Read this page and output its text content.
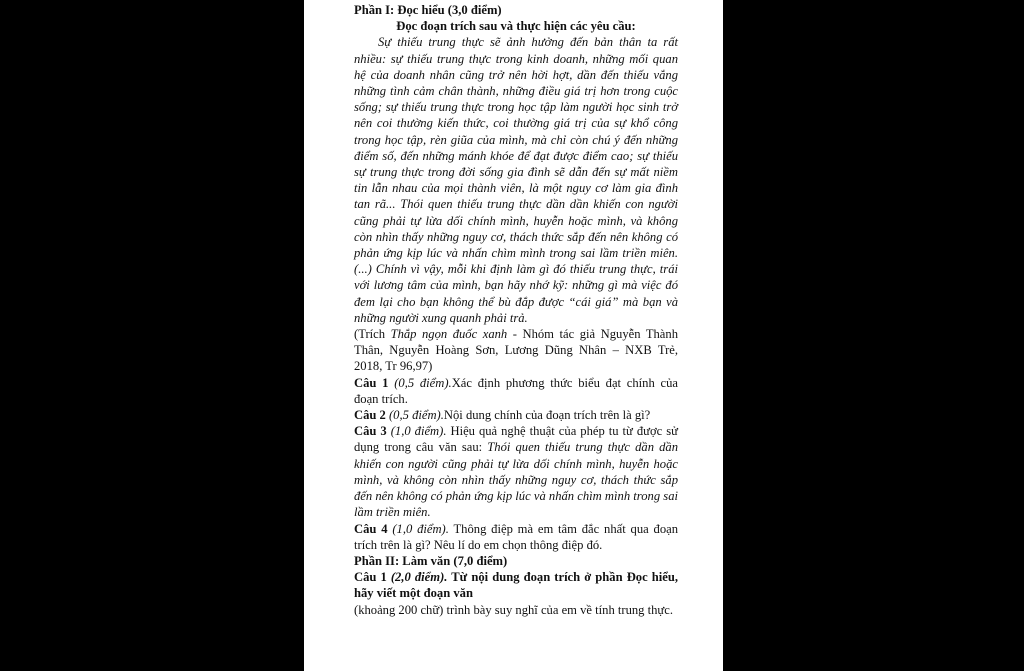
Phần I: Đọc hiểu (3,0 điểm)

Đọc đoạn trích sau và thực hiện các yêu cầu:

Sự thiếu trung thực sẽ ảnh hưởng đến bản thân ta rất nhiều: sự thiếu trung thực trong kinh doanh, những mối quan hệ của doanh nhân cũng trở nên hời hợt, dần đến thiếu vắng những tình cảm chân thành, những điều giá trị hơn trong cuộc sống; sự thiếu trung thực trong học tập làm người học sinh trở nên coi thường kiến thức, coi thường giá trị của sự khổ công trong học tập, rèn giũa của mình, mà chỉ còn chú ý đến những điểm số, đến những mánh khóe để đạt được điểm cao; sự thiếu sự trung thực trong đời sống gia đình sẽ dẫn đến sự mất niềm tin lẫn nhau của mọi thành viên, là một nguy cơ làm gia đình tan rã... Thói quen thiếu trung thực dần dần khiến con người cũng phải tự lừa dối chính mình, huyễn hoặc mình, và không còn nhìn thấy những nguy cơ, thách thức sắp đến nên không có phản ứng kịp lúc và nhấn chìm mình trong sai lầm triền miên. (...) Chính vì vậy, mỗi khi định làm gì đó thiếu trung thực, trái với lương tâm của mình, bạn hãy nhớ kỹ: những gì mà việc đó đem lại cho bạn không thể bù đắp được “cái giá” mà bạn và những người xung quanh phải trả.

(Trích Thắp ngọn đuốc xanh - Nhóm tác giả Nguyễn Thành Thân, Nguyễn Hoàng Sơn, Lương Dũng Nhân – NXB Trẻ, 2018, Tr 96,97)

Câu 1 (0,5 điểm).Xác định phương thức biểu đạt chính của đoạn trích.

Câu 2 (0,5 điểm).Nội dung chính của đoạn trích trên là gì?

Câu 3 (1,0 điểm). Hiệu quả nghệ thuật của phép tu từ được sử dụng trong câu văn sau: Thói quen thiếu trung thực dần dần khiến con người cũng phải tự lừa dối chính mình, huyễn hoặc mình, và không còn nhìn thấy những nguy cơ, thách thức sắp đến nên không có phản ứng kịp lúc và nhấn chìm mình trong sai lầm triền miên.

Câu 4 (1,0 điểm). Thông điệp mà em tâm đắc nhất qua đoạn trích trên là gì? Nêu lí do em chọn thông điệp đó.

Phần II: Làm văn (7,0 điểm)

Câu 1 (2,0 điểm). Từ nội dung đoạn trích ở phần Đọc hiểu, hãy viết một đoạn văn

(khoảng 200 chữ) trình bày suy nghĩ của em về tính trung thực.
